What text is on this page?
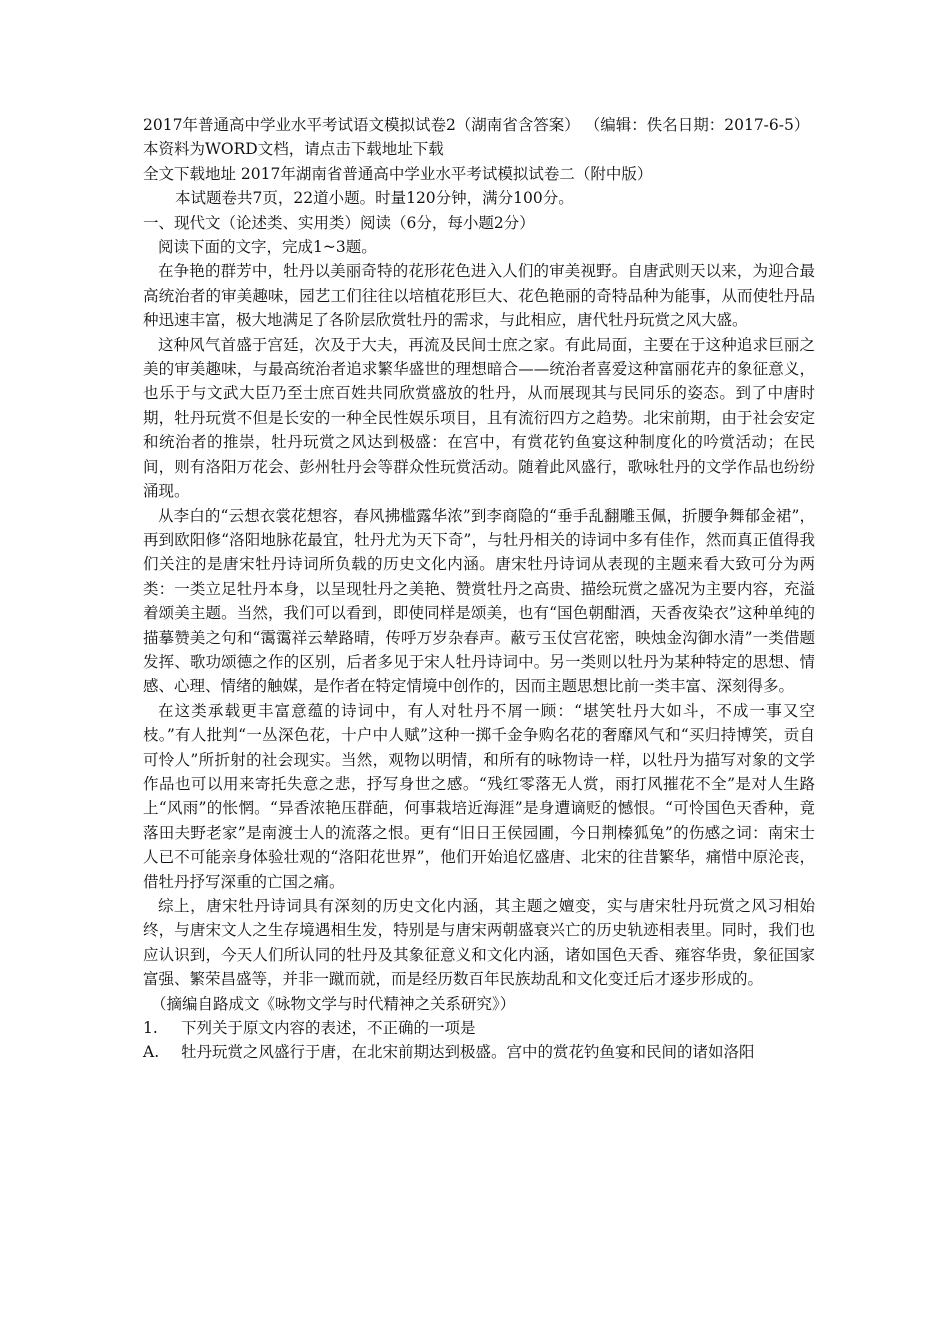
2017年普通高中学业水平考试语文模拟试卷2（湖南省含答案） （编辑：佚名日期：2017-6-5）
本资料为WORD文档，请点击下载地址下载
全文下载地址 2017年湖南省普通高中学业水平考试模拟试卷二（附中版）
本试题卷共7页，22道小题。时量120分钟，满分100分。
一、现代文（论述类、实用类）阅读（6分，每小题2分）
阅读下面的文字，完成1~3题。
在争艳的群芳中，牡丹以美丽奇特的花形花色进入人们的审美视野。自唐武则天以来，为迎合最高统治者的审美趣味，园艺工们往往以培植花形巨大、花色艳丽的奇特品种为能事，从而使牡丹品种迅速丰富，极大地满足了各阶层欣赏牡丹的需求，与此相应，唐代牡丹玩赏之风大盛。
这种风气首盛于宫廷，次及于大夫，再流及民间士庶之家。有此局面，主要在于这种追求巨丽之美的审美趣味，与最高统治者追求繁华盛世的理想暗合——统治者喜爱这种富丽花卉的象征意义，也乐于与文武大臣乃至士庶百姓共同欣赏盛放的牡丹，从而展现其与民同乐的姿态。到了中唐时期，牡丹玩赏不但是长安的一种全民性娱乐项目，且有流衍四方之趋势。北宋前期，由于社会安定和统治者的推崇，牡丹玩赏之风达到极盛：在宫中，有赏花钓鱼宴这种制度化的吟赏活动；在民间，则有洛阳万花会、彭州牡丹会等群众性玩赏活动。随着此风盛行，歌咏牡丹的文学作品也纷纷涌现。
从李白的“云想衣裳花想容，春风拂槛露华浓”到李商隐的“垂手乱翻雕玉佩，折腰争舞郁金裙”，再到欧阳修“洛阳地脉花最宜，牡丹尤为天下奇”，与牡丹相关的诗词中多有佳作，然而真正值得我们关注的是唐宋牡丹诗词所负载的历史文化内涵。唐宋牡丹诗词从表现的主题来看大致可分为两类：一类立足牡丹本身，以呈现牡丹之美艳、赞赏牡丹之高贵、描绘玩赏之盛况为主要内容，充溢着颂美主题。当然，我们可以看到，即使同样是颂美，也有“国色朝酣酒，天香夜染衣”这种单纯的描摹赞美之句和“霭霭祥云辇路晴，传呼万岁杂春声。蔽亏玉仗宫花密，映烛金沟御水清”一类借题发挥、歌功颂德之作的区别，后者多见于宋人牡丹诗词中。另一类则以牡丹为某种特定的思想、情感、心理、情绪的触媒，是作者在特定情境中创作的，因而主题思想比前一类丰富、深刻得多。
在这类承载更丰富意蕴的诗词中，有人对牡丹不屑一顾：“堪笑牡丹大如斗，不成一事又空枝。”有人批判“一丛深色花，十户中人赋”这种一掷千金争购名花的奢靡风气和“买归持博笑，贡自可怜人”所折射的社会现实。当然，观物以明情，和所有的咏物诗一样，以牡丹为描写对象的文学作品也可以用来寄托失意之悲，抒写身世之感。“残红零落无人赏，雨打风摧花不全”是对人生路上“风雨”的怅惘。“异香浓艳压群葩，何事栽培近海涯”是身遭谪贬的憾恨。“可怜国色天香种，竟落田夫野老家”是南渡士人的流落之恨。更有“旧日王侯园圃，今日荆榛狐兔”的伤感之词：南宋士人已不可能亲身体验壮观的“洛阳花世界”，他们开始追忆盛唐、北宋的往昔繁华，痛惜中原沦丧，借牡丹抒写深重的亡国之痛。
综上，唐宋牡丹诗词具有深刻的历史文化内涵，其主题之嬗变，实与唐宋牡丹玩赏之风习相始终，与唐宋文人之生存境遇相生发，特别是与唐宋两朝盛衰兴亡的历史轨迹相表里。同时，我们也应认识到，今天人们所认同的牡丹及其象征意义和文化内涵，诸如国色天香、雍容华贵，象征国家富强、繁荣昌盛等，并非一蹴而就，而是经历数百年民族劫乱和文化变迁后才逐步形成的。
（摘编自路成文《咏物文学与时代精神之关系研究》）
1.	下列关于原文内容的表述，不正确的一项是
A.	牡丹玩赏之风盛行于唐，在北宋前期达到极盛。宫中的赏花钓鱼宴和民间的诸如洛阳
